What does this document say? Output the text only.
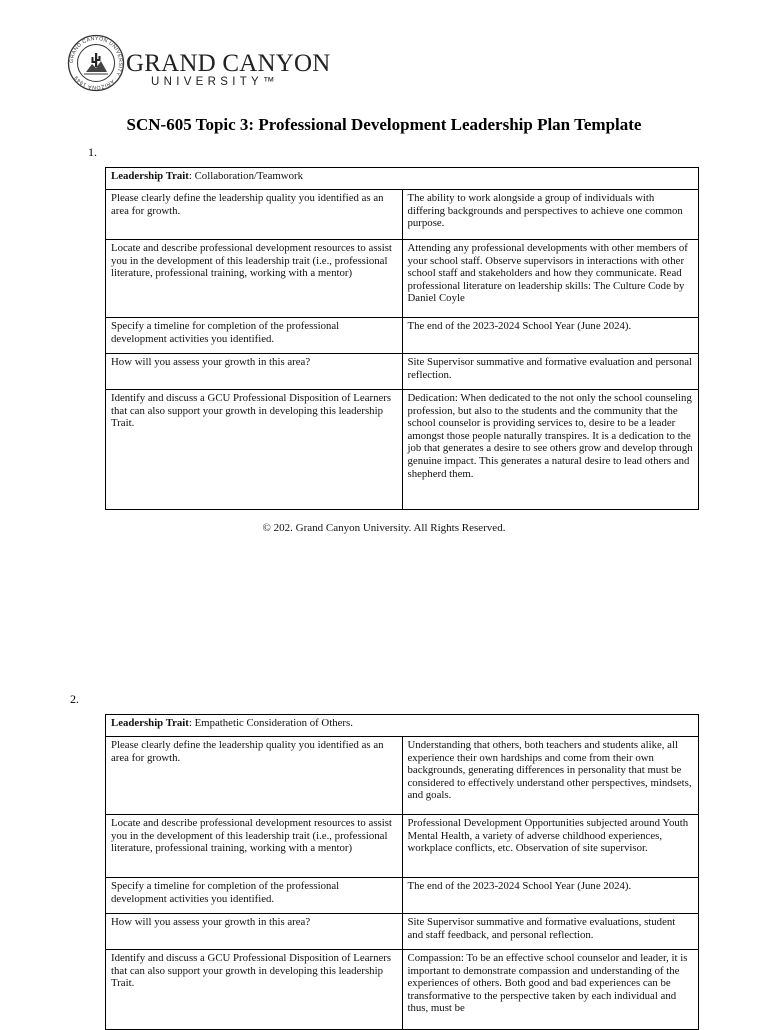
GRAND CANYON UNIVERSITY · ARIZONA 1949
GRAND CANYON
UNIVERSITY™
SCN-605 Topic 3: Professional Development Leadership Plan Template
1.
Leadership Trait: Collaboration/Teamwork	
Please clearly define the leadership quality you identified as an area for growth.	The ability to work alongside a group of individuals with differing backgrounds and perspectives to achieve one common purpose.
Locate and describe professional development resources to assist you in the development of this leadership trait (i.e., professional literature, professional training, working with a mentor)	Attending any professional developments with other members of your school staff. Observe supervisors in interactions with other school staff and stakeholders and how they communicate. Read professional literature on leadership skills: The Culture Code by Daniel Coyle
Specify a timeline for completion of the professional development activities you identified.	The end of the 2023-2024 School Year (June 2024).
How will you assess your growth in this area?	Site Supervisor summative and formative evaluation and personal reflection.
Identify and discuss a GCU Professional Disposition of Learners that can also support your growth in developing this leadership Trait.	Dedication: When dedicated to the not only the school counseling profession, but also to the students and the community that the school counselor is providing services to, desire to be a leader amongst those people naturally transpires. It is a dedication to the job that generates a desire to see others grow and develop through genuine impact. This generates a natural desire to lead others and shepherd them.
© 202. Grand Canyon University. All Rights Reserved.
2.
Leadership Trait: Empathetic Consideration of Others.	
Please clearly define the leadership quality you identified as an area for growth.	Understanding that others, both teachers and students alike, all experience their own hardships and come from their own backgrounds, generating differences in personality that must be considered to effectively understand other perspectives, mindsets, and goals.
Locate and describe professional development resources to assist you in the development of this leadership trait (i.e., professional literature, professional training, working with a mentor)	Professional Development Opportunities subjected around Youth Mental Health, a variety of adverse childhood experiences, workplace conflicts, etc. Observation of site supervisor.
Specify a timeline for completion of the professional development activities you identified.	The end of the 2023-2024 School Year (June 2024).
How will you assess your growth in this area?	Site Supervisor summative and formative evaluations, student and staff feedback, and personal reflection.
Identify and discuss a GCU Professional Disposition of Learners that can also support your growth in developing this leadership Trait.	Compassion: To be an effective school counselor and leader, it is important to demonstrate compassion and understanding of the experiences of others. Both good and bad experiences can be transformative to the perspective taken by each individual and thus, must be
